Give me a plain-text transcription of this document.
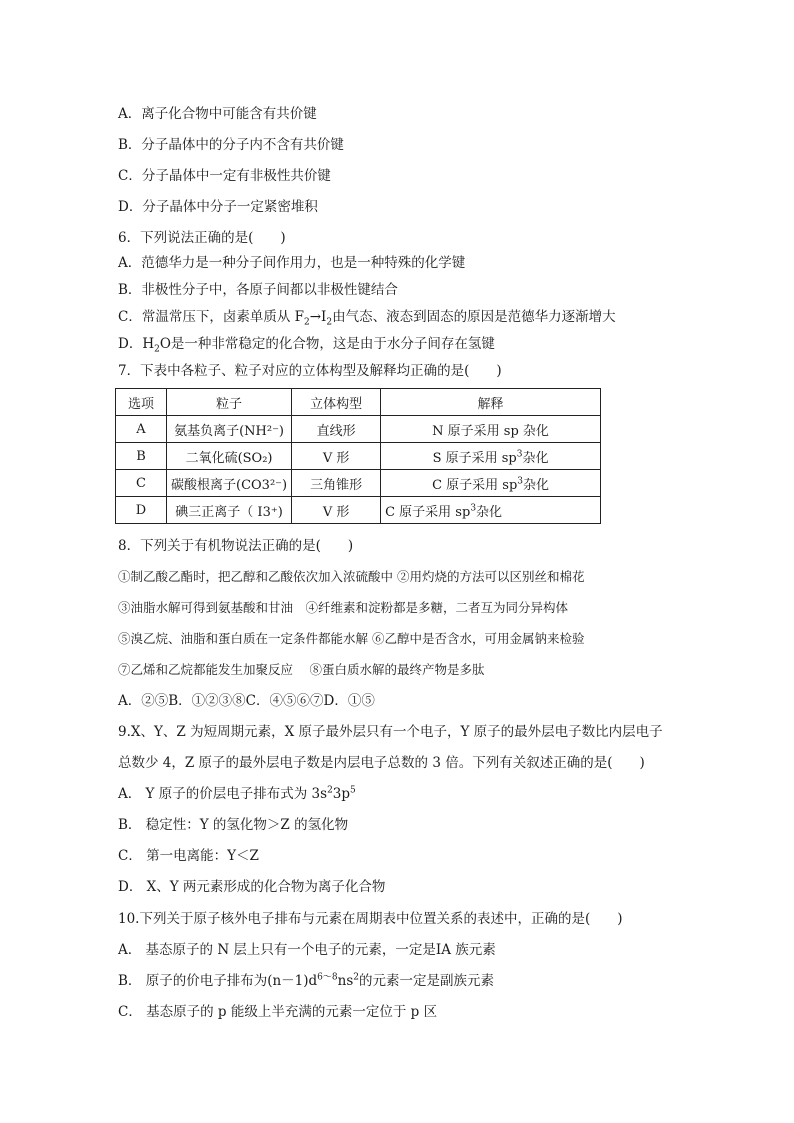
A．离子化合物中可能含有共价键
B．分子晶体中的分子内不含有共价键
C．分子晶体中一定有非极性共价键
D．分子晶体中分子一定紧密堆积
6．下列说法正确的是(　　)
A．范德华力是一种分子间作用力，也是一种特殊的化学键
B．非极性分子中，各原子间都以非极性键结合
C．常温常压下，卤素单质从 $F_2\to I_2$由气态、液态到固态的原因是范德华力逐渐增大
D．$H_2O$是一种非常稳定的化合物，这是由于水分子间存在氢键
7．下表中各粒子、粒子对应的立体构型及解释均正确的是(　　)
选项	粒子	立体构型	解释
A	氨基负离子(NH²⁻)	直线形	N 原子采用 sp 杂化
B	二氧化硫(SO₂)	V 形	S 原子采用 $sp^3$杂化
C	碳酸根离子(CO3²⁻)	三角锥形	C 原子采用 $sp^3$杂化
D	碘三正离子（ I3⁺)	V 形	C 原子采用 $sp^3$杂化
8．下列关于有机物说法正确的是(　　)
①制乙酸乙酯时，把乙醇和乙酸依次加入浓硫酸中 ②用灼烧的方法可以区别丝和棉花
③油脂水解可得到氨基酸和甘油　④纤维素和淀粉都是多糖，二者互为同分异构体
⑤溴乙烷、油脂和蛋白质在一定条件都能水解 ⑥乙醇中是否含水，可用金属钠来检验
⑦乙烯和乙烷都能发生加聚反应　 ⑧蛋白质水解的最终产物是多肽
A．②⑤B．①②③⑧C．④⑤⑥⑦D．①⑤
9.X、Y、Z 为短周期元素，X 原子最外层只有一个电子，Y 原子的最外层电子数比内层电子
总数少 4，Z 原子的最外层电子数是内层电子总数的 3 倍。下列有关叙述正确的是(　　)
A． Y 原子的价层电子排布式为 $3s^23p^5$
B． 稳定性：Y 的氢化物＞Z 的氢化物
C． 第一电离能：Y＜Z
D． X、Y 两元素形成的化合物为离子化合物
10.下列关于原子核外电子排布与元素在周期表中位置关系的表述中，正确的是(　　)
A． 基态原子的 N 层上只有一个电子的元素，一定是ⅠA 族元素
B． 原子的价电子排布为$(n-1)d^{6\sim 8}ns^2$的元素一定是副族元素
C． 基态原子的 p 能级上半充满的元素一定位于 p 区
